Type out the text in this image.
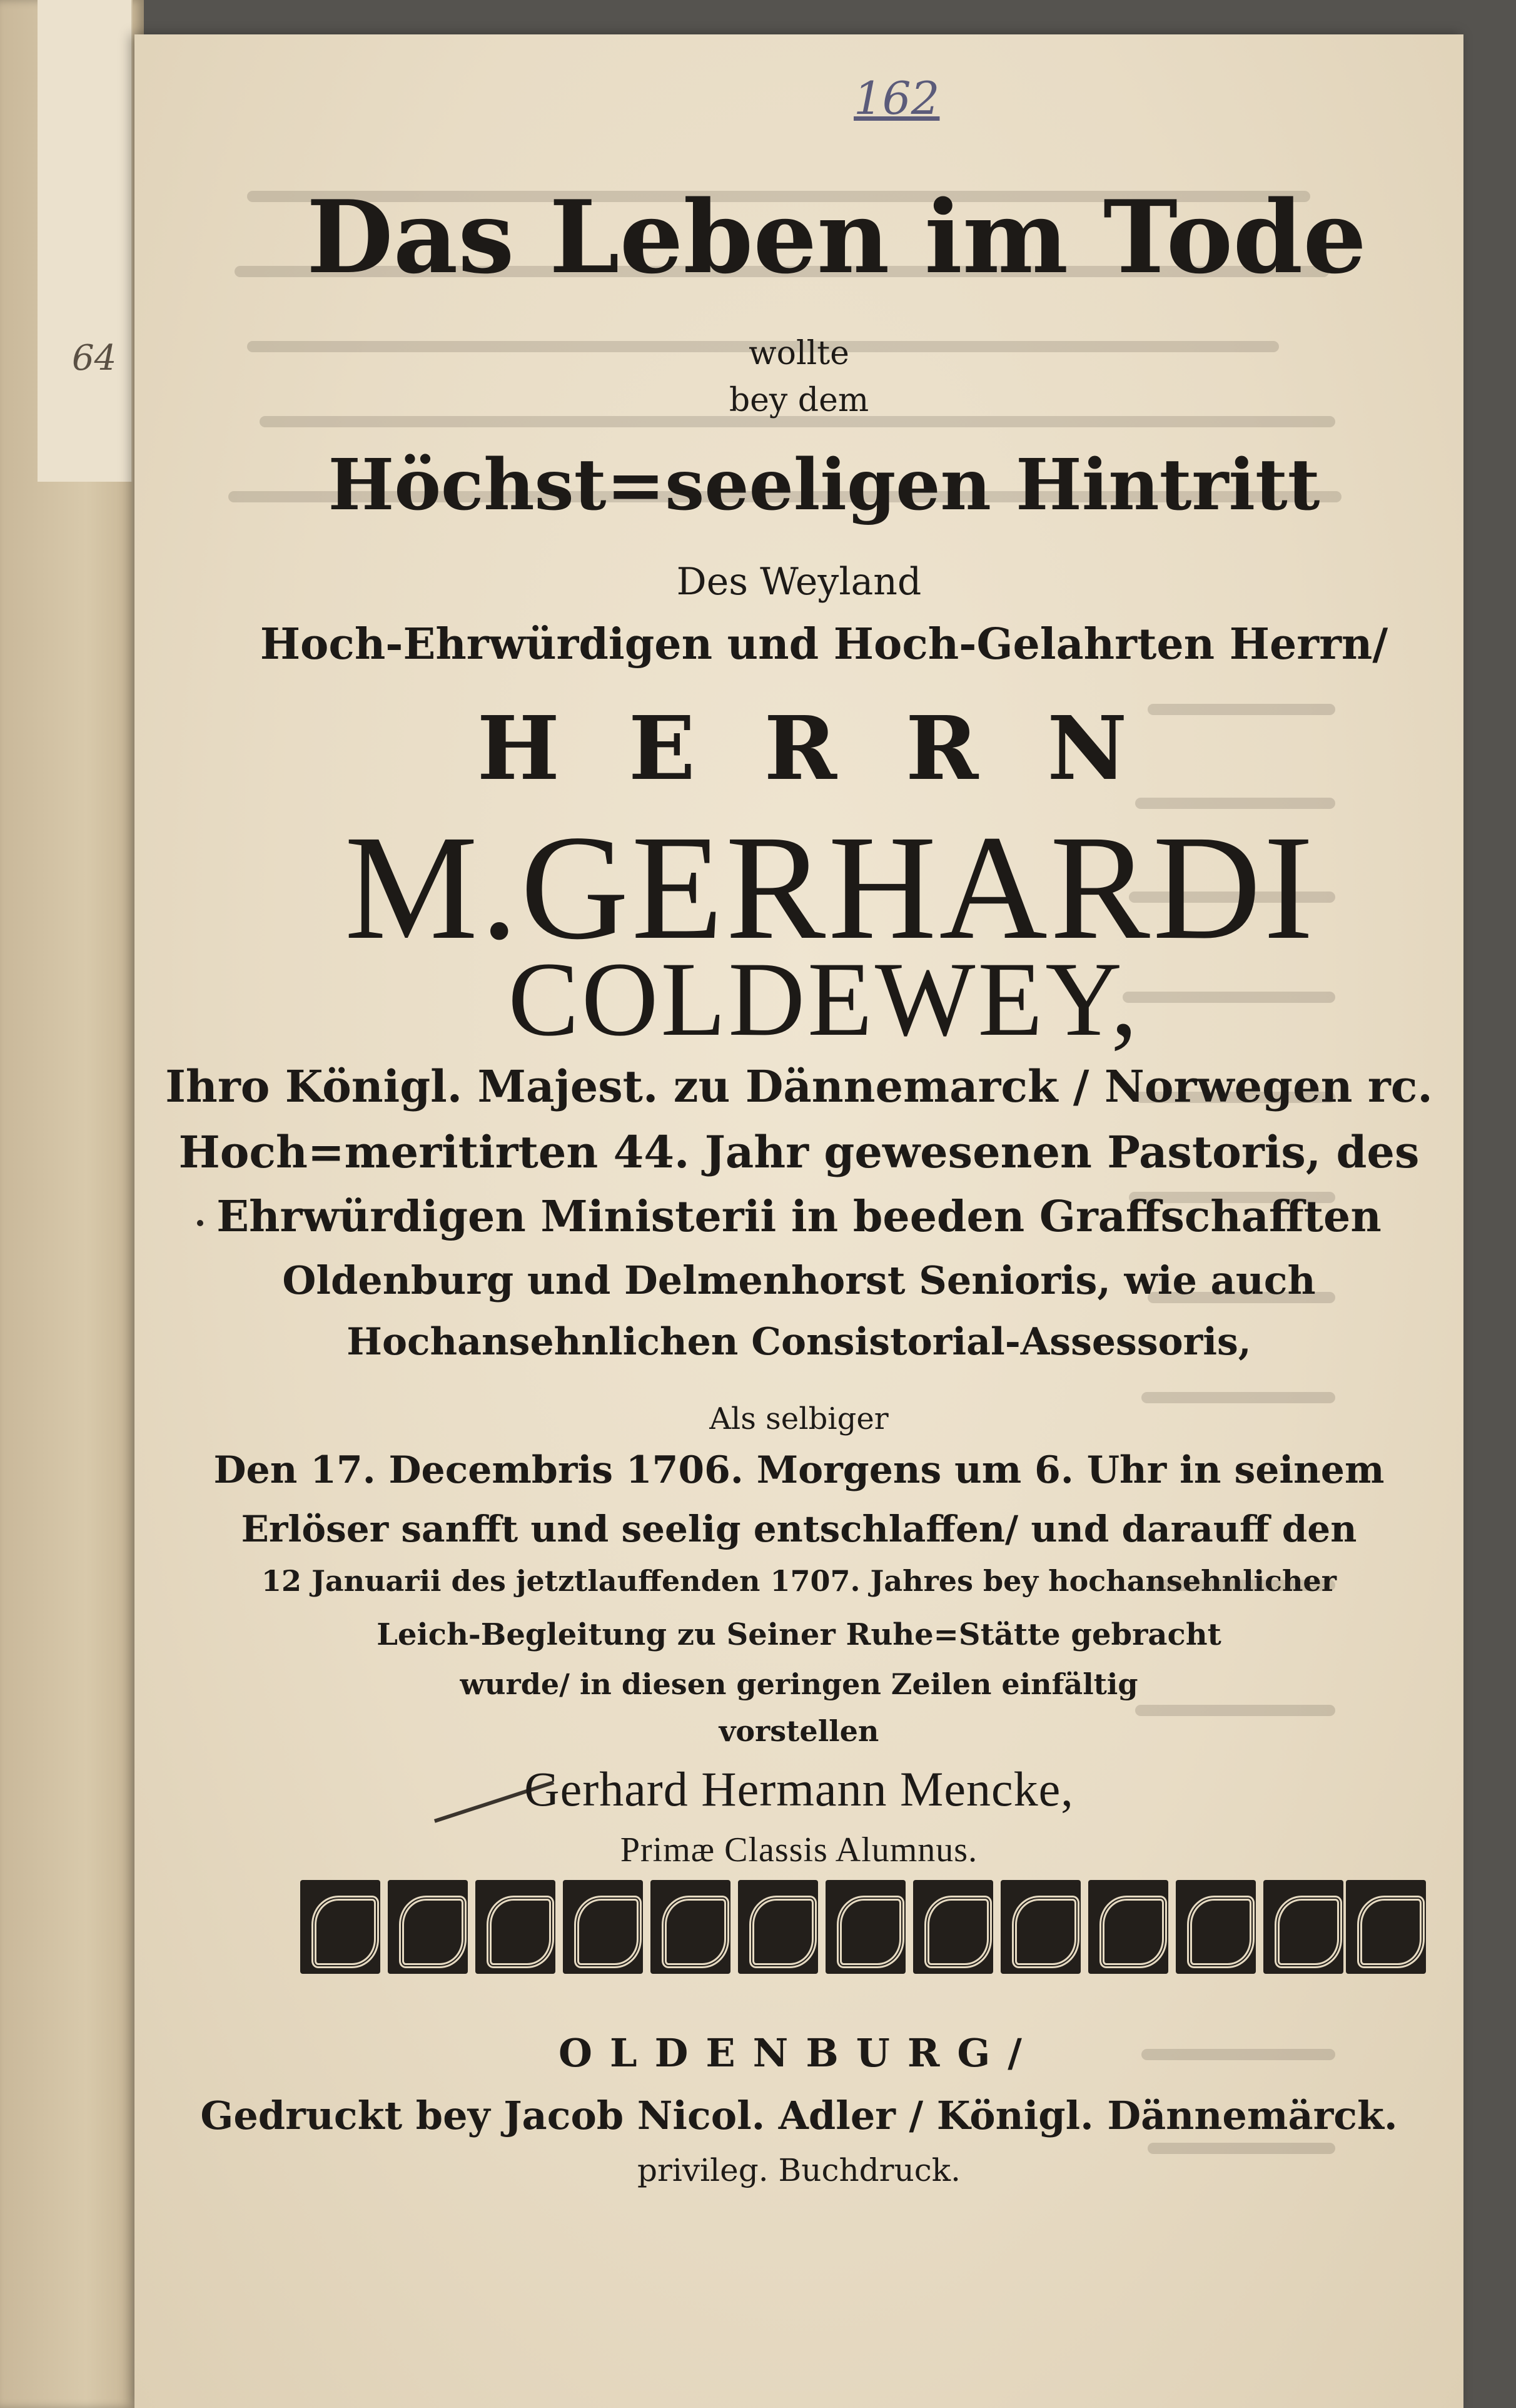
64
162
Das Leben im Tode
wollte
bey dem
Höchst=seeligen Hintritt
Des Weyland
Hoch-Ehrwürdigen und Hoch-Gelahrten Herrn/
HERRN
M.GERHARDI
COLDEWEY,
Ihro Königl. Majest. zu Dännemarck / Norwegen rc.
Hoch=meritirten 44. Jahr gewesenen Pastoris, des
Ehrwürdigen Ministerii in beeden Graffschafften
Oldenburg und Delmenhorst Senioris, wie auch
Hochansehnlichen Consistorial-Assessoris,
Als selbiger
Den 17. Decembris 1706. Morgens um 6. Uhr in seinem
Erlöser sanfft und seelig entschlaffen/ und darauff den
12 Januarii des jetztlauffenden 1707. Jahres bey hochansehnlicher
Leich-Begleitung zu Seiner Ruhe=Stätte gebracht
wurde/ in diesen geringen Zeilen einfältig
vorstellen
Gerhard Hermann Mencke,
Primæ Classis Alumnus.
OLDENBURG/
Gedruckt bey Jacob Nicol. Adler / Königl. Dännemärck.
privileg. Buchdruck.
